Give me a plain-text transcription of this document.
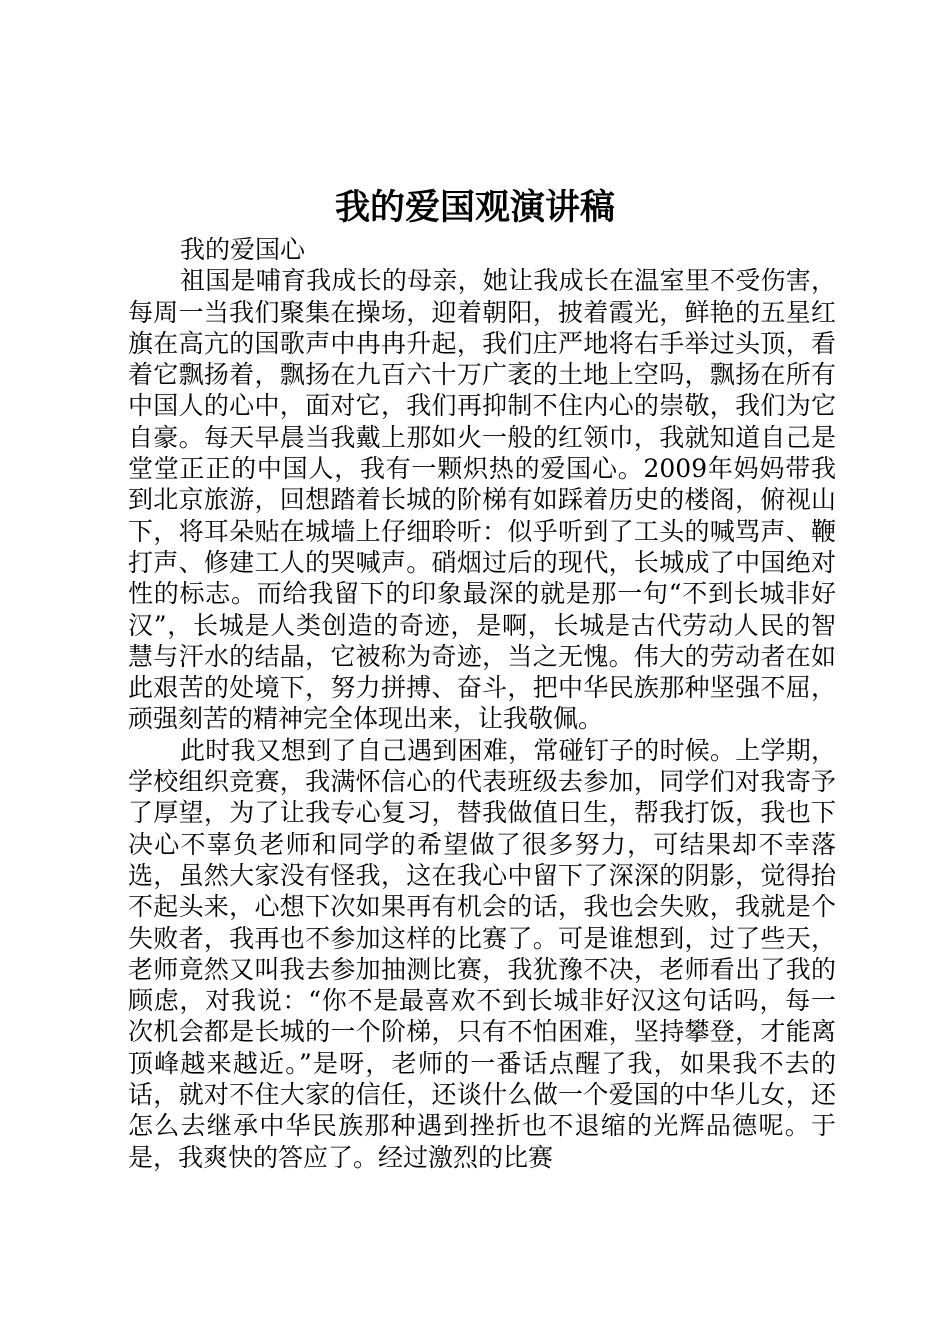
我的爱国观演讲稿

我的爱国心

祖国是哺育我成长的母亲，她让我成长在温室里不受伤害，每周一当我们聚集在操场，迎着朝阳，披着霞光，鲜艳的五星红旗在高亢的国歌声中冉冉升起，我们庄严地将右手举过头顶，看着它飘扬着，飘扬在九百六十万广袤的土地上空吗，飘扬在所有中国人的心中，面对它，我们再抑制不住内心的崇敬，我们为它自豪。每天早晨当我戴上那如火一般的红领巾，我就知道自己是堂堂正正的中国人，我有一颗炽热的爱国心。2009年妈妈带我到北京旅游，回想踏着长城的阶梯有如踩着历史的楼阁，俯视山下，将耳朵贴在城墙上仔细聆听：似乎听到了工头的喊骂声、鞭打声、修建工人的哭喊声。硝烟过后的现代，长城成了中国绝对性的标志。而给我留下的印象最深的就是那一句“不到长城非好汉”，长城是人类创造的奇迹，是啊，长城是古代劳动人民的智慧与汗水的结晶，它被称为奇迹，当之无愧。伟大的劳动者在如此艰苦的处境下，努力拼搏、奋斗，把中华民族那种坚强不屈，顽强刻苦的精神完全体现出来，让我敬佩。

此时我又想到了自己遇到困难，常碰钉子的时候。上学期，学校组织竞赛，我满怀信心的代表班级去参加，同学们对我寄予了厚望，为了让我专心复习，替我做值日生，帮我打饭，我也下决心不辜负老师和同学的希望做了很多努力，可结果却不幸落选，虽然大家没有怪我，这在我心中留下了深深的阴影，觉得抬不起头来，心想下次如果再有机会的话，我也会失败，我就是个失败者，我再也不参加这样的比赛了。可是谁想到，过了些天，老师竟然又叫我去参加抽测比赛，我犹豫不决，老师看出了我的顾虑，对我说：“你不是最喜欢不到长城非好汉这句话吗，每一次机会都是长城的一个阶梯，只有不怕困难，坚持攀登，才能离顶峰越来越近。”是呀，老师的一番话点醒了我，如果我不去的话，就对不住大家的信任，还谈什么做一个爱国的中华儿女，还怎么去继承中华民族那种遇到挫折也不退缩的光辉品德呢。于是，我爽快的答应了。经过激烈的比赛
